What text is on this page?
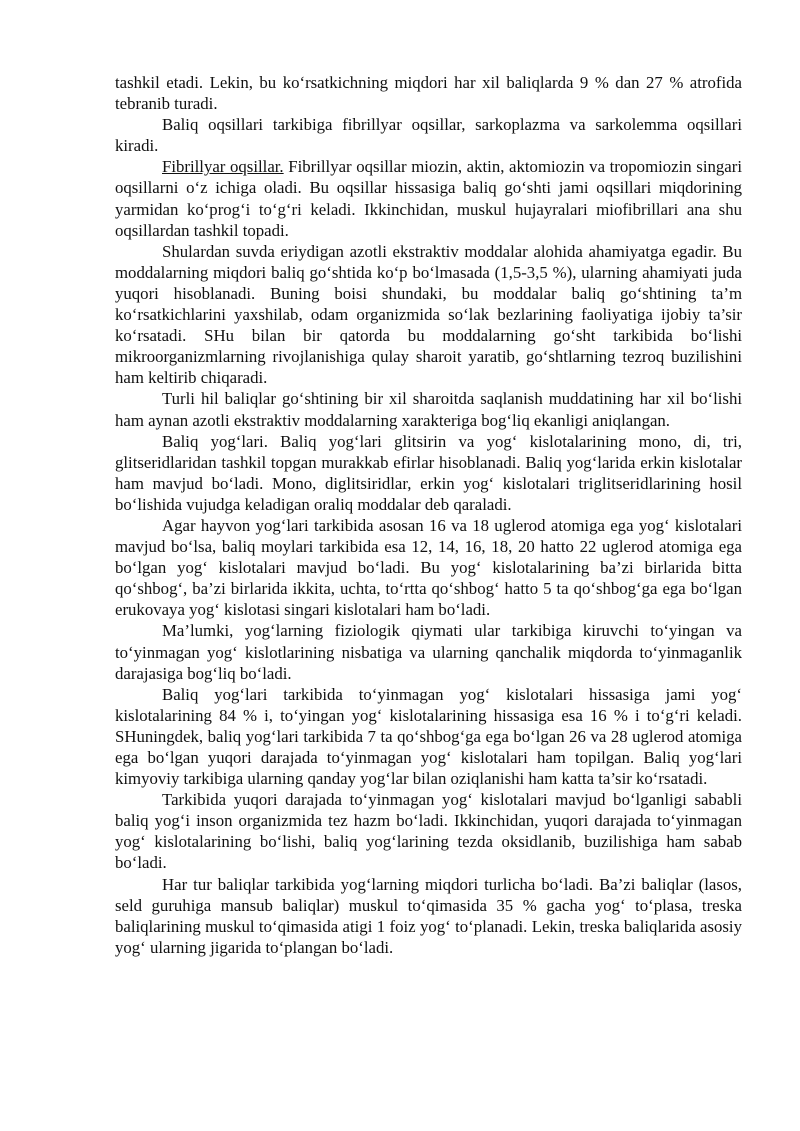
tashkil etadi. Lekin, bu ko‘rsatkichning miqdori har xil baliqlarda 9 % dan 27 % atrofida tebranib turadi.

Baliq oqsillari tarkibiga fibrillyar oqsillar, sarkoplazma va sarkolemma oqsillari kiradi.

Fibrillyar oqsillar. Fibrillyar oqsillar miozin, aktin, aktomiozin va tropomiozin singari oqsillarni o‘z ichiga oladi. Bu oqsillar hissasiga baliq go‘shti jami oqsillari miqdorining yarmidan ko‘prog‘i to‘g‘ri keladi. Ikkinchidan, muskul hujayralari miofibrillari ana shu oqsillardan tashkil topadi.

Shulardan suvda eriydigan azotli ekstraktiv moddalar alohida ahamiyatga egadir. Bu moddalarning miqdori baliq go‘shtida ko‘p bo‘lmasada (1,5-3,5 %), ularning ahamiyati juda yuqori hisoblanadi. Buning boisi shundaki, bu moddalar baliq go‘shtining ta’m ko‘rsatkichlarini yaxshilab, odam organizmida so‘lak bezlarining faoliyatiga ijobiy ta’sir ko‘rsatadi. SHu bilan bir qatorda bu moddalarning go‘sht tarkibida bo‘lishi mikroorganizmlarning rivojlanishiga qulay sharoit yaratib, go‘shtlarning tezroq buzilishini ham keltirib chiqaradi.

Turli hil baliqlar go‘shtining bir xil sharoitda saqlanish muddatining har xil bo‘lishi ham aynan azotli ekstraktiv moddalarning xarakteriga bog‘liq ekanligi aniqlangan.

Baliq yog‘lari. Baliq yog‘lari glitsirin va yog‘ kislotalarining mono, di, tri, glitseridlaridan tashkil topgan murakkab efirlar hisoblanadi. Baliq yog‘larida erkin kislotalar ham mavjud bo‘ladi. Mono, diglitsiridlar, erkin yog‘ kislotalari triglitseridlarining hosil bo‘lishida vujudga keladigan oraliq moddalar deb qaraladi.

Agar hayvon yog‘lari tarkibida asosan 16 va 18 uglerod atomiga ega yog‘ kislotalari mavjud bo‘lsa, baliq moylari tarkibida esa 12, 14, 16, 18, 20 hatto 22 uglerod atomiga ega bo‘lgan yog‘ kislotalari mavjud bo‘ladi. Bu yog‘ kislotalarining ba’zi birlarida bitta qo‘shbog‘, ba’zi birlarida ikkita, uchta, to‘rtta qo‘shbog‘ hatto 5 ta qo‘shbog‘ga ega bo‘lgan erukovaya yog‘ kislotasi singari kislotalari ham bo‘ladi.

Ma’lumki, yog‘larning fiziologik qiymati ular tarkibiga kiruvchi to‘yingan va to‘yinmagan yog‘ kislotlarining nisbatiga va ularning qanchalik miqdorda to‘yinmaganlik darajasiga bog‘liq bo‘ladi.

Baliq yog‘lari tarkibida to‘yinmagan yog‘ kislotalari hissasiga jami yog‘ kislotalarining 84 % i, to‘yingan yog‘ kislotalarining hissasiga esa 16 % i to‘g‘ri keladi. SHuningdek, baliq yog‘lari tarkibida 7 ta qo‘shbog‘ga ega bo‘lgan 26 va 28 uglerod atomiga ega bo‘lgan yuqori darajada to‘yinmagan yog‘ kislotalari ham topilgan. Baliq yog‘lari kimyoviy tarkibiga ularning qanday yog‘lar bilan oziqlanishi ham katta ta’sir ko‘rsatadi.

Tarkibida yuqori darajada to‘yinmagan yog‘ kislotalari mavjud bo‘lganligi sababli baliq yog‘i inson organizmida tez hazm bo‘ladi. Ikkinchidan, yuqori darajada to‘yinmagan yog‘ kislotalarining bo‘lishi, baliq yog‘larining tezda oksidlanib, buzilishiga ham sabab bo‘ladi.

Har tur baliqlar tarkibida yog‘larning miqdori turlicha bo‘ladi. Ba’zi baliqlar (lasos, seld guruhiga mansub baliqlar) muskul to‘qimasida 35 % gacha yog‘ to‘plasa, treska baliqlarining muskul to‘qimasida atigi 1 foiz yog‘ to‘planadi. Lekin, treska baliqlarida asosiy yog‘ ularning jigarida to‘plangan bo‘ladi.
